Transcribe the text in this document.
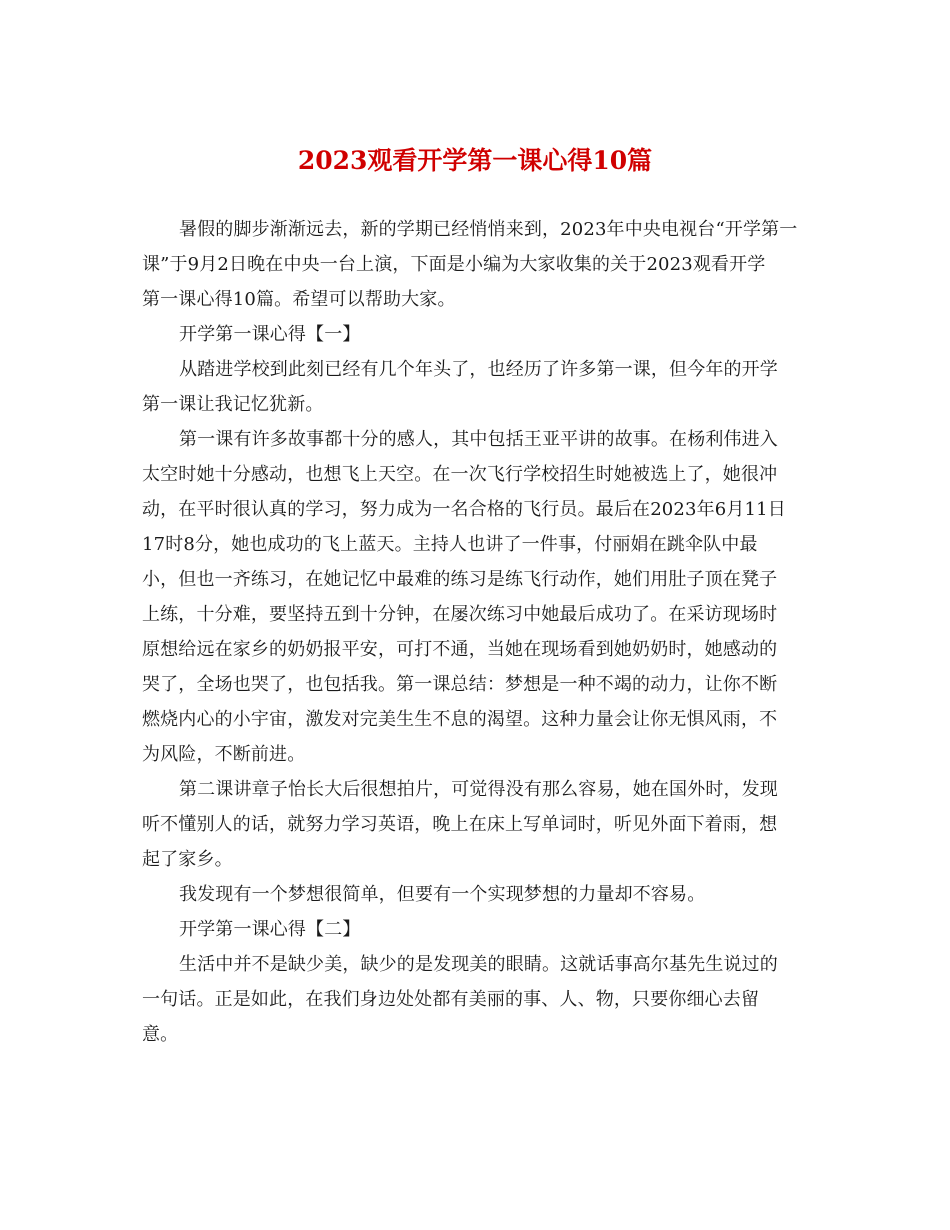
2023观看开学第一课心得10篇
暑假的脚步渐渐远去，新的学期已经悄悄来到，2023年中央电视台“开学第一
课”于9月2日晚在中央一台上演，下面是小编为大家收集的关于2023观看开学
第一课心得10篇。希望可以帮助大家。
开学第一课心得【一】
从踏进学校到此刻已经有几个年头了，也经历了许多第一课，但今年的开学
第一课让我记忆犹新。
第一课有许多故事都十分的感人，其中包括王亚平讲的故事。在杨利伟进入
太空时她十分感动，也想飞上天空。在一次飞行学校招生时她被选上了，她很冲
动，在平时很认真的学习，努力成为一名合格的飞行员。最后在2023年6月11日
17时8分，她也成功的飞上蓝天。主持人也讲了一件事，付丽娟在跳伞队中最
小，但也一齐练习，在她记忆中最难的练习是练飞行动作，她们用肚子顶在凳子
上练，十分难，要坚持五到十分钟，在屡次练习中她最后成功了。在采访现场时
原想给远在家乡的奶奶报平安，可打不通，当她在现场看到她奶奶时，她感动的
哭了，全场也哭了，也包括我。第一课总结：梦想是一种不竭的动力，让你不断
燃烧内心的小宇宙，激发对完美生生不息的渴望。这种力量会让你无惧风雨，不
为风险，不断前进。
第二课讲章子怡长大后很想拍片，可觉得没有那么容易，她在国外时，发现
听不懂别人的话，就努力学习英语，晚上在床上写单词时，听见外面下着雨，想
起了家乡。
我发现有一个梦想很简单，但要有一个实现梦想的力量却不容易。
开学第一课心得【二】
生活中并不是缺少美，缺少的是发现美的眼睛。这就话事高尔基先生说过的
一句话。正是如此，在我们身边处处都有美丽的事、人、物，只要你细心去留
意。
